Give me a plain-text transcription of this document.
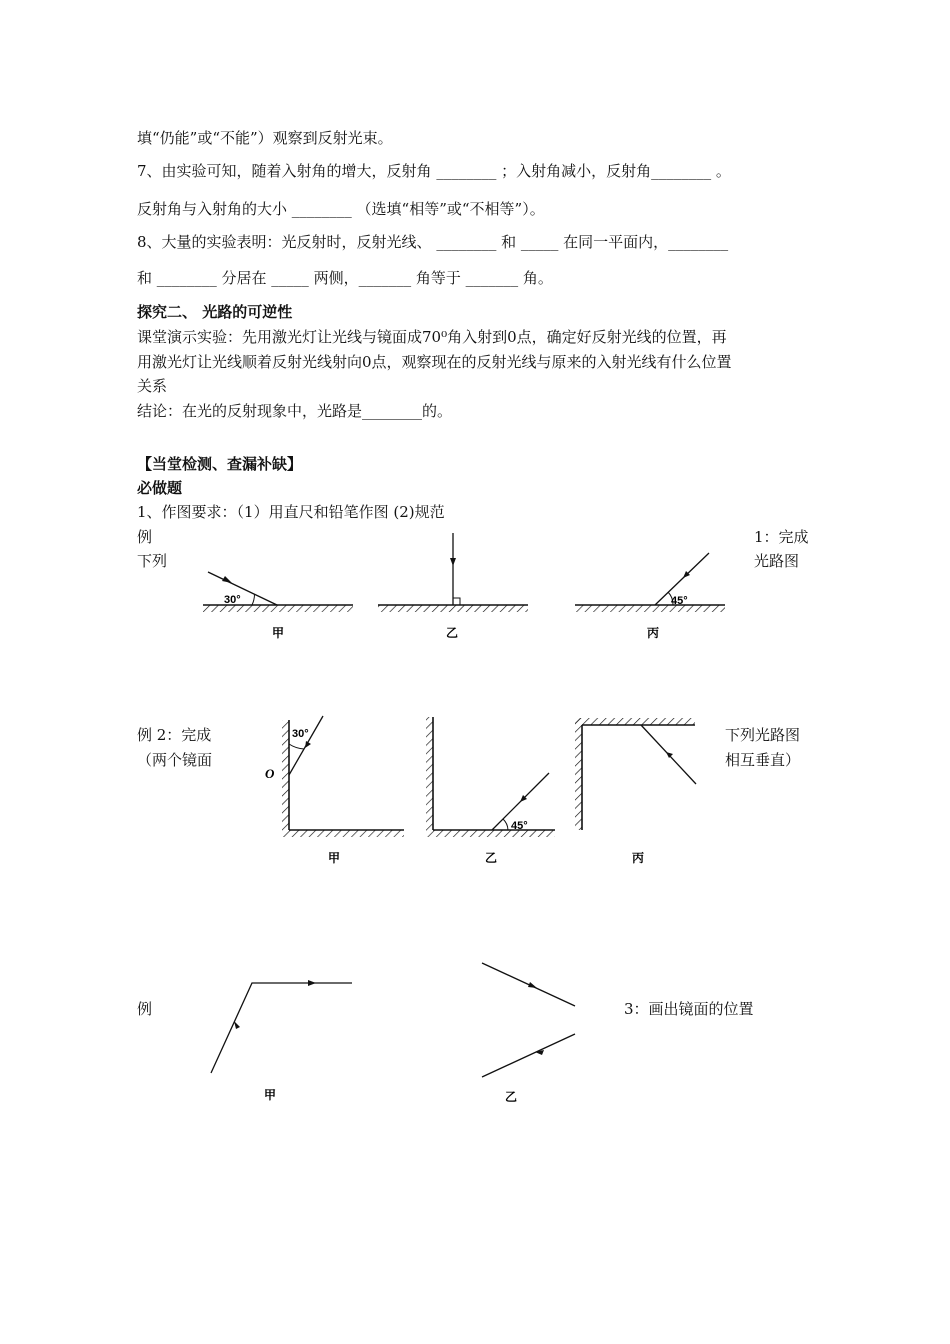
填“仍能”或“不能”）观察到反射光束。
7、由实验可知，随着入射角的增大，反射角 ________ ；入射角减小，反射角________ 。
反射角与入射角的大小 ________ （选填“相等”或“不相等”）。
8、大量的实验表明：光反射时，反射光线、 ________ 和 _____ 在同一平面内，________
和 ________ 分居在 _____ 两侧，_______ 角等于 _______ 角。
探究二、 光路的可逆性
课堂演示实验：先用激光灯让光线与镜面成70⁰角入射到0点，确定好反射光线的位置，再
用激光灯让光线顺着反射光线射向0点，观察现在的反射光线与原来的入射光线有什么位置
关系
结论：在光的反射现象中，光路是________的。
【当堂检测、查漏补缺】
必做题
1、作图要求：（1）用直尺和铅笔作图 (2)规范
例
下列
1：完成
光路图
例 2：完成
（两个镜面
下列光路图
相互垂直）
例	3：画出镜面的位置
30°
甲	乙
45°
丙
30°
O
甲
45°
乙	丙
甲	乙
